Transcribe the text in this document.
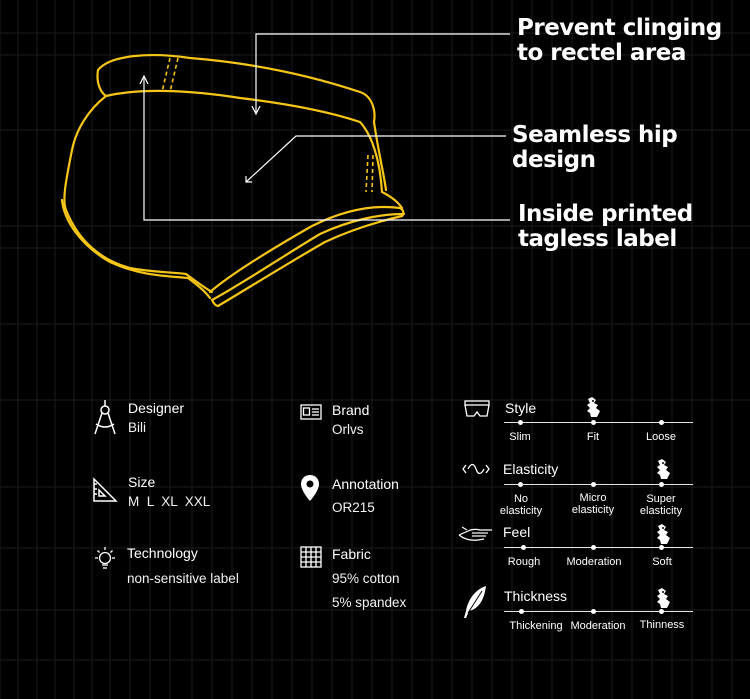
Prevent clinging
to rectel area
Seamless hip design
Inside printed
tagless label
Designer
Bili
Brand
Orlvs
Size
M  L  XL  XXL
Annotation
OR215
Technology
non-sensitive label
Fabric
95% cotton
5% spandex
Style
Slim	Fit	Loose
Elasticity
No elasticity
Micro elasticity
Super elasticity
Feel
Rough	Moderation	Soft
Thickness
Thickening Moderation	Thinness
